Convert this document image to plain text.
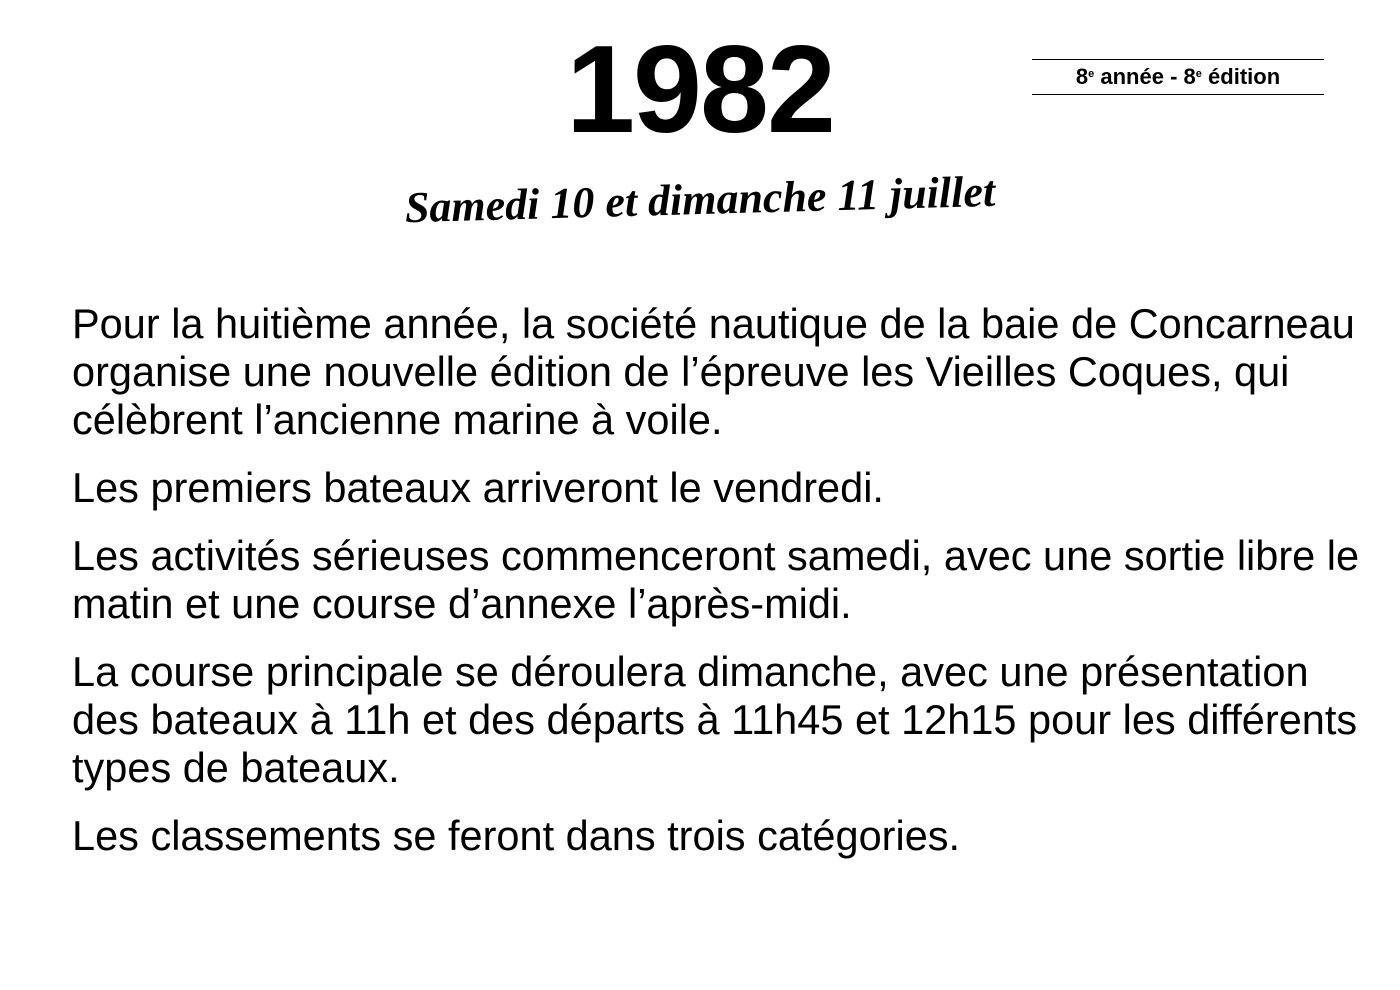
1982	8e
année
-
8e
édition
Samedi 10 et dimanche 11 juillet

Pour la huitième année, la société nautique de la baie de Concarneau organise une nouvelle édition de l’épreuve les Vieilles Coques, qui célèbrent l’ancienne marine à voile.

Les premiers bateaux arriveront le vendredi.

Les activités sérieuses commenceront samedi, avec une sortie libre le matin et une course d’annexe l’après-midi.

La course principale se déroulera dimanche, avec une présentation des bateaux à 11h et des départs à 11h45 et 12h15 pour les différents types de bateaux.

Les classements se feront dans trois catégories.
